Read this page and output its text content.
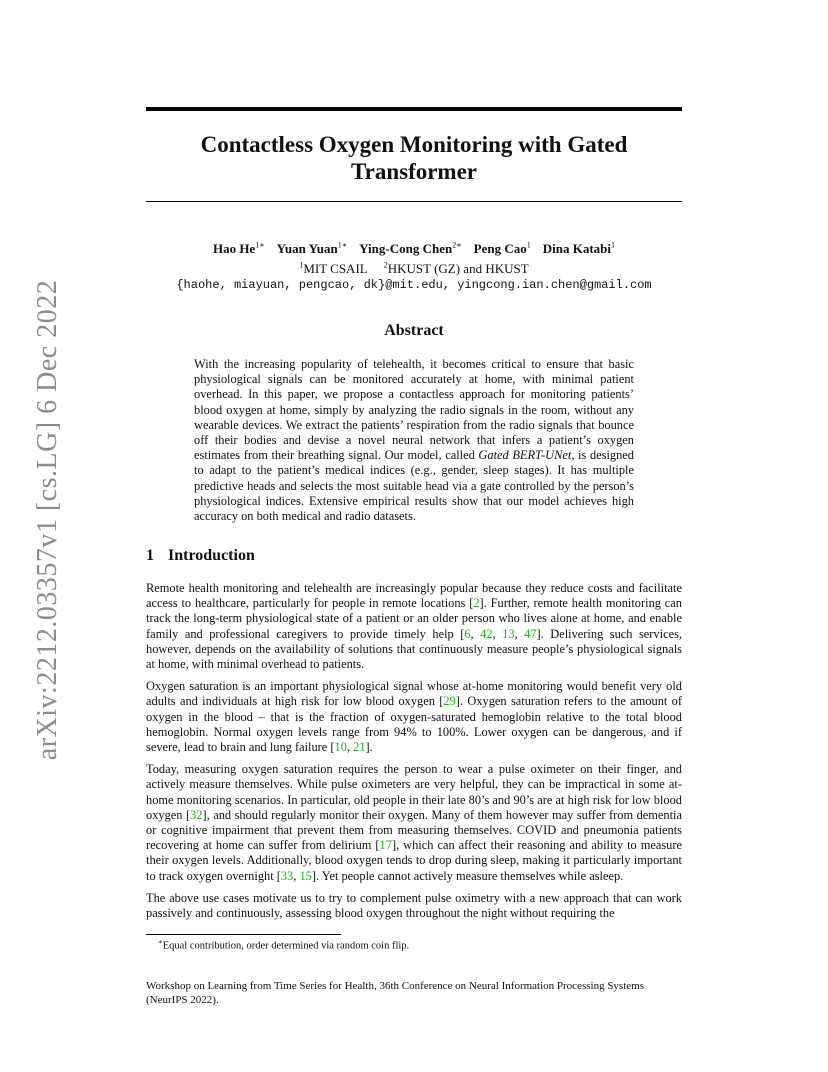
arXiv:2212.03357v1 [cs.LG] 6 Dec 2022
Contactless Oxygen Monitoring with Gated
Transformer
Hao $He^{1∗}$ Yuan Yuan$^{1∗}$ Ying-Cong Chen$^{2∗}$ Peng Cao$^1$ Dina Katabi$^1$
$^1$MIT CSAIL $^2$HKUST (GZ) and HKUST
{haohe, miayuan, pengcao, dk}@mit.edu, yingcong.ian.chen@gmail.com
Abstract
With the increasing popularity of telehealth, it becomes critical to ensure that basic physiological signals can be monitored accurately at home, with minimal patient overhead. In this paper, we propose a contactless approach for monitoring patients’ blood oxygen at home, simply by analyzing the radio signals in the room, without any wearable devices. We extract the patients’ respiration from the radio signals that bounce off their bodies and devise a novel neural network that infers a patient’s oxygen estimates from their breathing signal. Our model, called Gated BERT-UNet, is designed to adapt to the patient’s medical indices (e.g., gender, sleep stages). It has multiple predictive heads and selects the most suitable head via a gate controlled by the person’s physiological indices. Extensive empirical results show that our model achieves high accuracy on both medical and radio datasets.
1 Introduction

Remote health monitoring and telehealth are increasingly popular because they reduce costs and facilitate access to healthcare, particularly for people in remote locations [2]. Further, remote health monitoring can track the long-term physiological state of a patient or an older person who lives alone at home, and enable family and professional caregivers to provide timely help [6, 42, 13, 47]. Delivering such services, however, depends on the availability of solutions that continuously measure people’s physiological signals at home, with minimal overhead to patients.

Oxygen saturation is an important physiological signal whose at-home monitoring would benefit very old adults and individuals at high risk for low blood oxygen [29]. Oxygen saturation refers to the amount of oxygen in the blood – that is the fraction of oxygen-saturated hemoglobin relative to the total blood hemoglobin. Normal oxygen levels range from 94% to 100%. Lower oxygen can be dangerous, and if severe, lead to brain and lung failure [10, 21].

Today, measuring oxygen saturation requires the person to wear a pulse oximeter on their finger, and actively measure themselves. While pulse oximeters are very helpful, they can be impractical in some at-home monitoring scenarios. In particular, old people in their late 80’s and 90’s are at high risk for low blood oxygen [32], and should regularly monitor their oxygen. Many of them however may suffer from dementia or cognitive impairment that prevent them from measuring themselves. COVID and pneumonia patients recovering at home can suffer from delirium [17], which can affect their reasoning and ability to measure their oxygen levels. Additionally, blood oxygen tends to drop during sleep, making it particularly important to track oxygen overnight [33, 15]. Yet people cannot actively measure themselves while asleep.

The above use cases motivate us to try to complement pulse oximetry with a new approach that can work passively and continuously, assessing blood oxygen throughout the night without requiring the

∗Equal contribution, order determined via random coin flip.
Workshop on Learning from Time Series for Health, 36th Conference on Neural Information Processing Systems (NeurIPS 2022).
